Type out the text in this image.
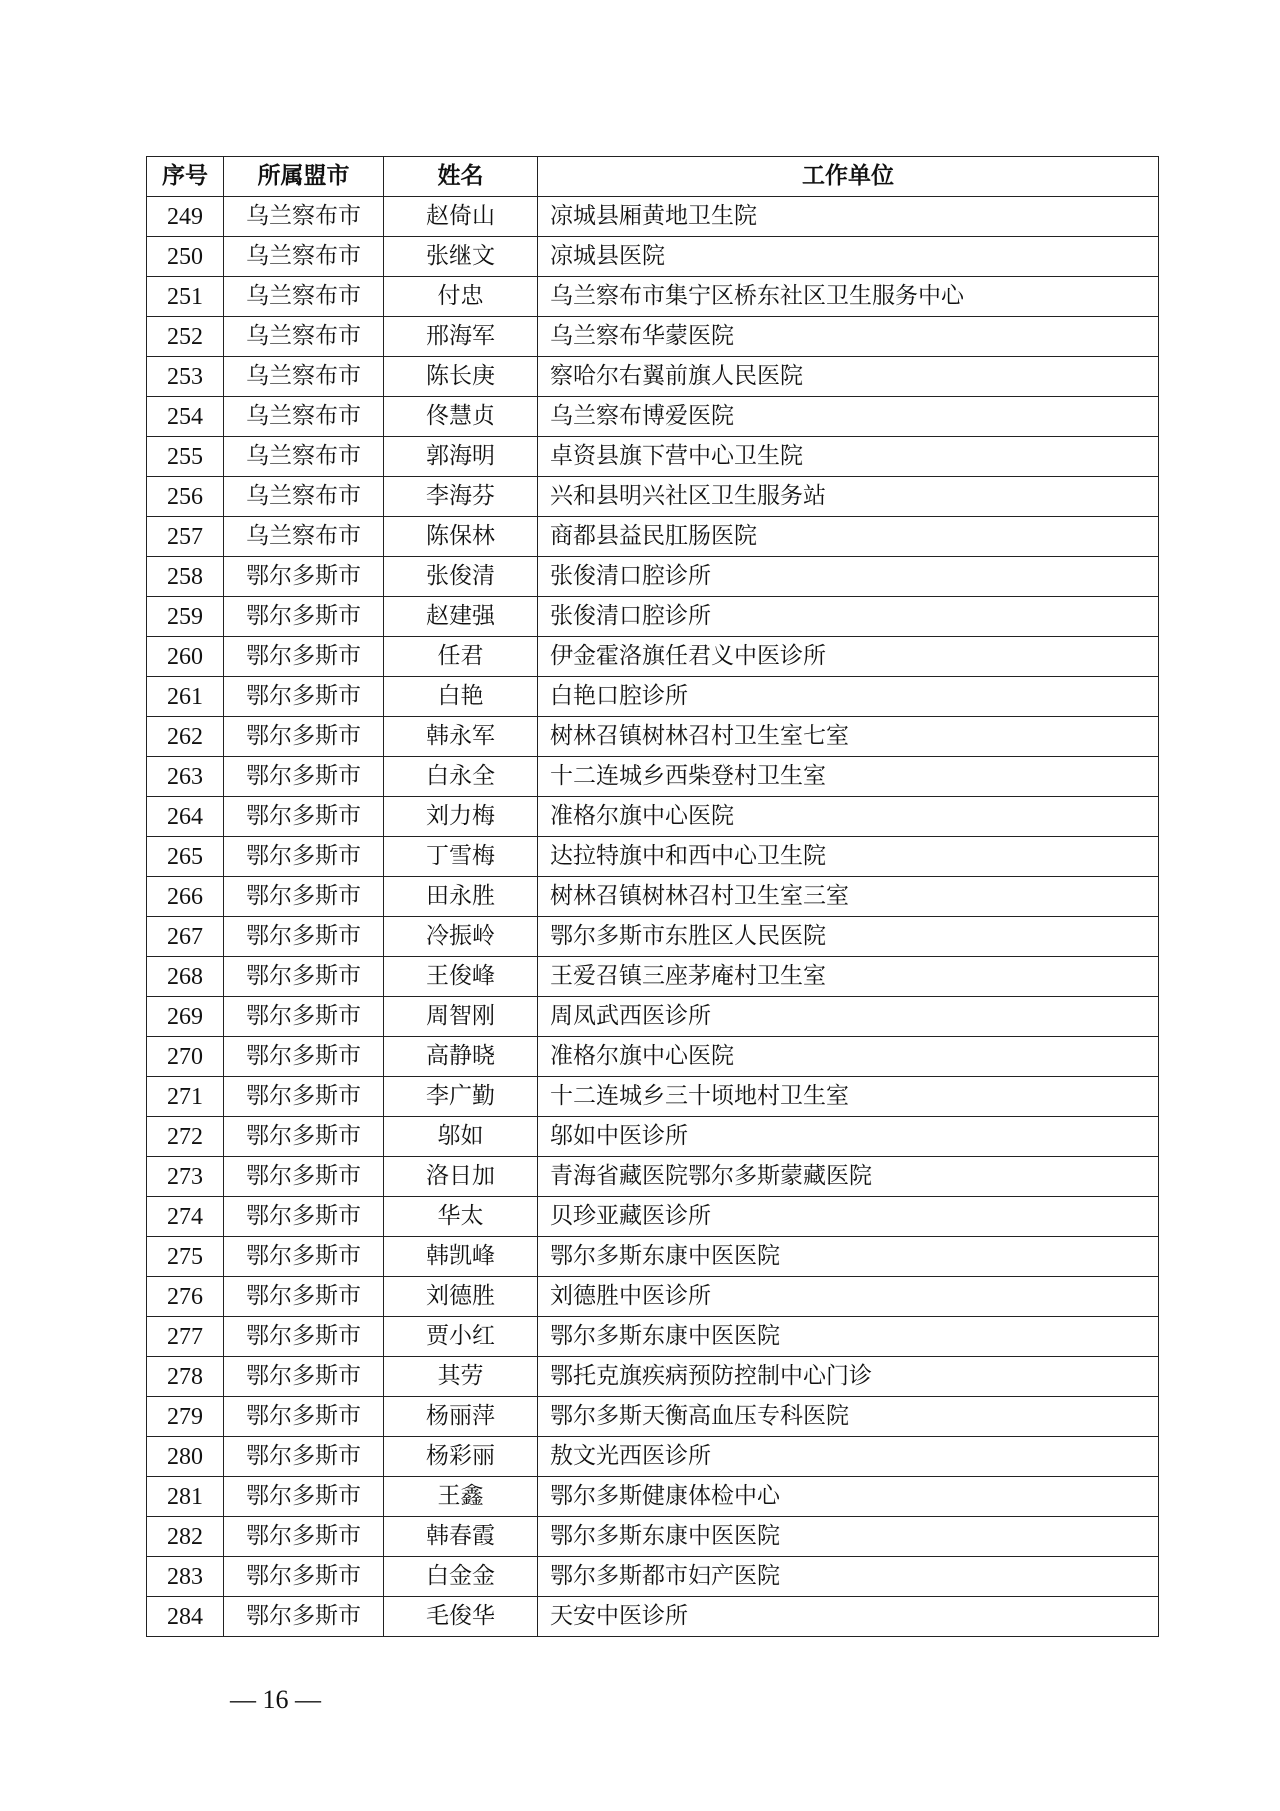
序号	所属盟市	姓名	工作单位
249	乌兰察布市	赵倚山	凉城县厢黄地卫生院
250	乌兰察布市	张继文	凉城县医院
251	乌兰察布市	付忠	乌兰察布市集宁区桥东社区卫生服务中心
252	乌兰察布市	邢海军	乌兰察布华蒙医院
253	乌兰察布市	陈长庚	察哈尔右翼前旗人民医院
254	乌兰察布市	佟慧贞	乌兰察布博爱医院
255	乌兰察布市	郭海明	卓资县旗下营中心卫生院
256	乌兰察布市	李海芬	兴和县明兴社区卫生服务站
257	乌兰察布市	陈保林	商都县益民肛肠医院
258	鄂尔多斯市	张俊清	张俊清口腔诊所
259	鄂尔多斯市	赵建强	张俊清口腔诊所
260	鄂尔多斯市	任君	伊金霍洛旗任君义中医诊所
261	鄂尔多斯市	白艳	白艳口腔诊所
262	鄂尔多斯市	韩永军	树林召镇树林召村卫生室七室
263	鄂尔多斯市	白永全	十二连城乡西柴登村卫生室
264	鄂尔多斯市	刘力梅	准格尔旗中心医院
265	鄂尔多斯市	丁雪梅	达拉特旗中和西中心卫生院
266	鄂尔多斯市	田永胜	树林召镇树林召村卫生室三室
267	鄂尔多斯市	冷振岭	鄂尔多斯市东胜区人民医院
268	鄂尔多斯市	王俊峰	王爱召镇三座茅庵村卫生室
269	鄂尔多斯市	周智刚	周凤武西医诊所
270	鄂尔多斯市	高静晓	准格尔旗中心医院
271	鄂尔多斯市	李广勤	十二连城乡三十顷地村卫生室
272	鄂尔多斯市	邬如	邬如中医诊所
273	鄂尔多斯市	洛日加	青海省藏医院鄂尔多斯蒙藏医院
274	鄂尔多斯市	华太	贝珍亚藏医诊所
275	鄂尔多斯市	韩凯峰	鄂尔多斯东康中医医院
276	鄂尔多斯市	刘德胜	刘德胜中医诊所
277	鄂尔多斯市	贾小红	鄂尔多斯东康中医医院
278	鄂尔多斯市	其劳	鄂托克旗疾病预防控制中心门诊
279	鄂尔多斯市	杨丽萍	鄂尔多斯天衡高血压专科医院
280	鄂尔多斯市	杨彩丽	敖文光西医诊所
281	鄂尔多斯市	王鑫	鄂尔多斯健康体检中心
282	鄂尔多斯市	韩春霞	鄂尔多斯东康中医医院
283	鄂尔多斯市	白金金	鄂尔多斯都市妇产医院
284	鄂尔多斯市	毛俊华	天安中医诊所
— 16 —
